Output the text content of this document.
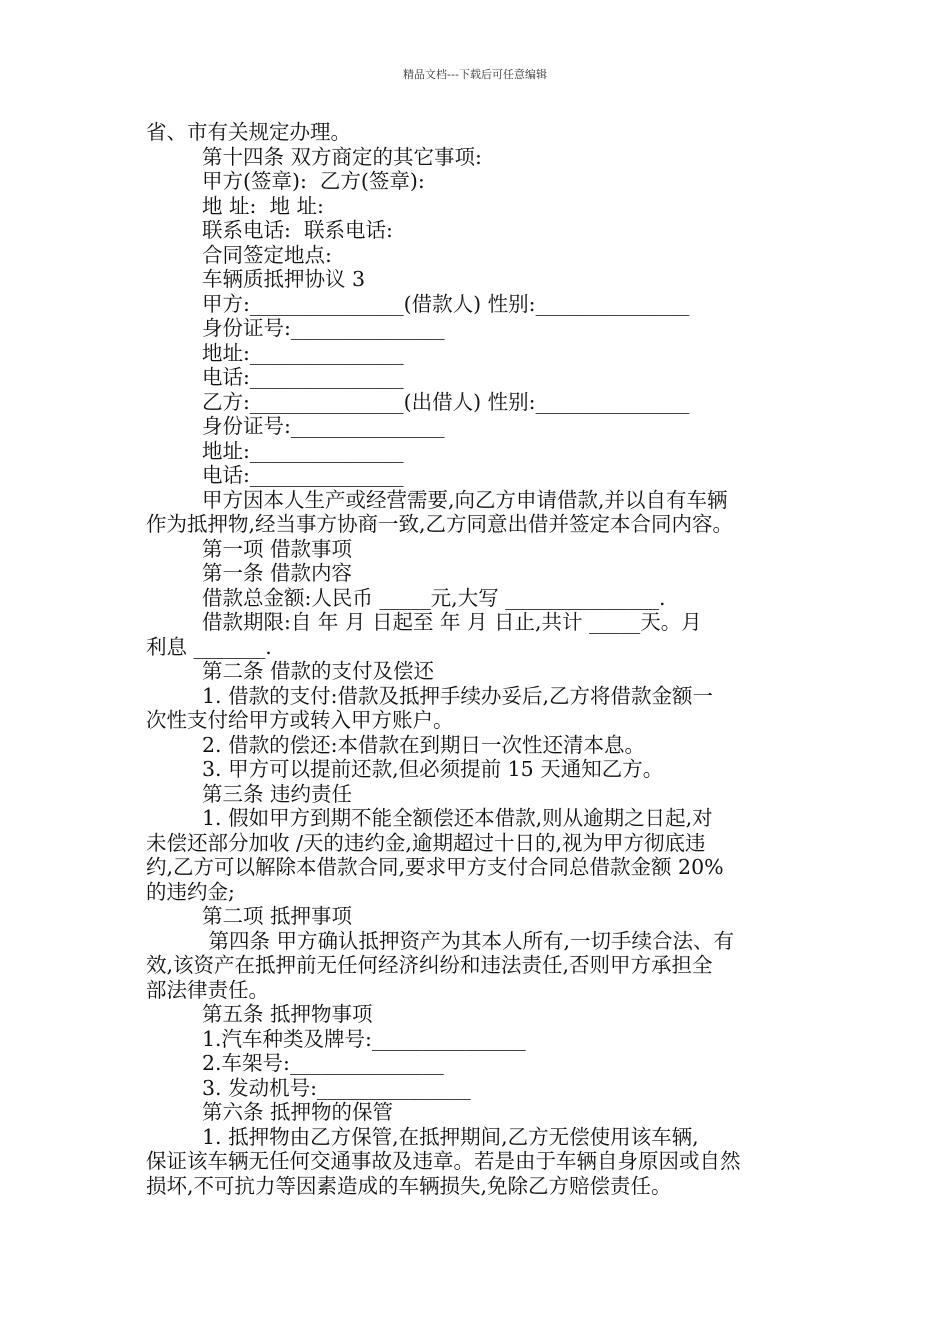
精品文档---下载后可任意编辑
省、市有关规定办理。
第十四条 双方商定的其它事项:
甲方(签章):  乙方(签章):
地 址:  地 址:
联系电话:  联系电话:
合同签定地点:
车辆质抵押协议 3
甲方:_______________(借款人) 性别:_______________
身份证号:_______________
地址:_______________
电话:_______________
乙方:_______________(出借人) 性别:_______________
身份证号:_______________
地址:_______________
电话:_______________
甲方因本人生产或经营需要,向乙方申请借款,并以自有车辆
作为抵押物,经当事方协商一致,乙方同意出借并签定本合同内容。
第一项 借款事项
第一条 借款内容
借款总金额:人民币 _____元,大写 _______________.
借款期限:自 年 月 日起至 年 月 日止,共计 _____天。月
利息 _______.
第二条 借款的支付及偿还
1. 借款的支付:借款及抵押手续办妥后,乙方将借款金额一
次性支付给甲方或转入甲方账户。
2. 借款的偿还:本借款在到期日一次性还清本息。
3. 甲方可以提前还款,但必须提前 15 天通知乙方。
第三条 违约责任
1. 假如甲方到期不能全额偿还本借款,则从逾期之日起,对
未偿还部分加收 /天的违约金,逾期超过十日的,视为甲方彻底违
约,乙方可以解除本借款合同,要求甲方支付合同总借款金额 20%
的违约金;
第二项 抵押事项
第四条 甲方确认抵押资产为其本人所有,一切手续合法、有
效,该资产在抵押前无任何经济纠纷和违法责任,否则甲方承担全
部法律责任。
第五条 抵押物事项
1.汽车种类及牌号:_______________
2.车架号:_______________
3. 发动机号:_______________
第六条 抵押物的保管
1. 抵押物由乙方保管,在抵押期间,乙方无偿使用该车辆,
保证该车辆无任何交通事故及违章。若是由于车辆自身原因或自然
损坏,不可抗力等因素造成的车辆损失,免除乙方赔偿责任。
